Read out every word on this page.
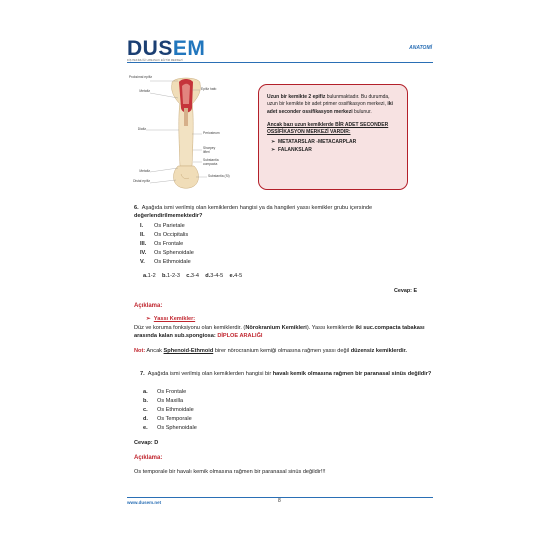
DUSEM
DİŞ HEKİMLİĞİ UZMANLIK EĞİTİM MERKEZİ
ANATOMİ
Proksimal epifiz
Metafiz
Diafiz
Metafiz
Distal epifiz
Epifiz hattı
Periosteum
Sharpey lifleri
Substantia compacta
Substantia (Si)
Uzun bir kemikte 2 epifiz bulunmaktadır. Bu durumda, uzun bir kemikte bir adet primer ossifikasyon merkezi, iki adet seconder ossifikasyon merkezi bulunur.
Ancak bazı uzun kemiklerde BİR ADET SECONDER OSSİFİKASYON MERKEZİ VARDIR:
➢ METATARSLAR -METACARPLAR
➢ FALANKSLAR
6. Aşağıda ismi verilmiş olan kemiklerden hangisi ya da hangileri yassı kemikler grubu içersinde değerlendirilmemektedir?
I. Os Parietale
II. Os Occipitalis
III. Os Frontale
IV. Os Sphenoidale
V. Os Ethmoidale
a.1-2 b.1-2-3 c.3-4 d.3-4-5 e.4-5
Cevap: E
Açıklama:
➢ Yassı Kemikler:
Düz ve koruma fonksiyonu olan kemiklerdir. (Nörokranium Kemikleri). Yassı kemiklerde iki suc.compacta tabakası arasında kalan sub.spongiosa: DİPLOE ARALIĞI
Not: Ancak Sphenoid-Ethmoid birer nörocranium kemiği olmasına rağmen yassı değil düzensiz kemiklerdir.
7. Aşağıda ismi verilmiş olan kemiklerden hangisi bir havalı kemik olmasına rağmen bir paranasal sinüs değildir?
a. Os Frontale
b. Os Maxilla
c. Os Ethmoidale
d. Os Temporale
e. Os Sphenoidale
Cevap: D
Açıklama:
Os temporale bir havalı kemik olmasına rağmen bir paranasal sinüs değildir!!!
www.dusem.net	8
